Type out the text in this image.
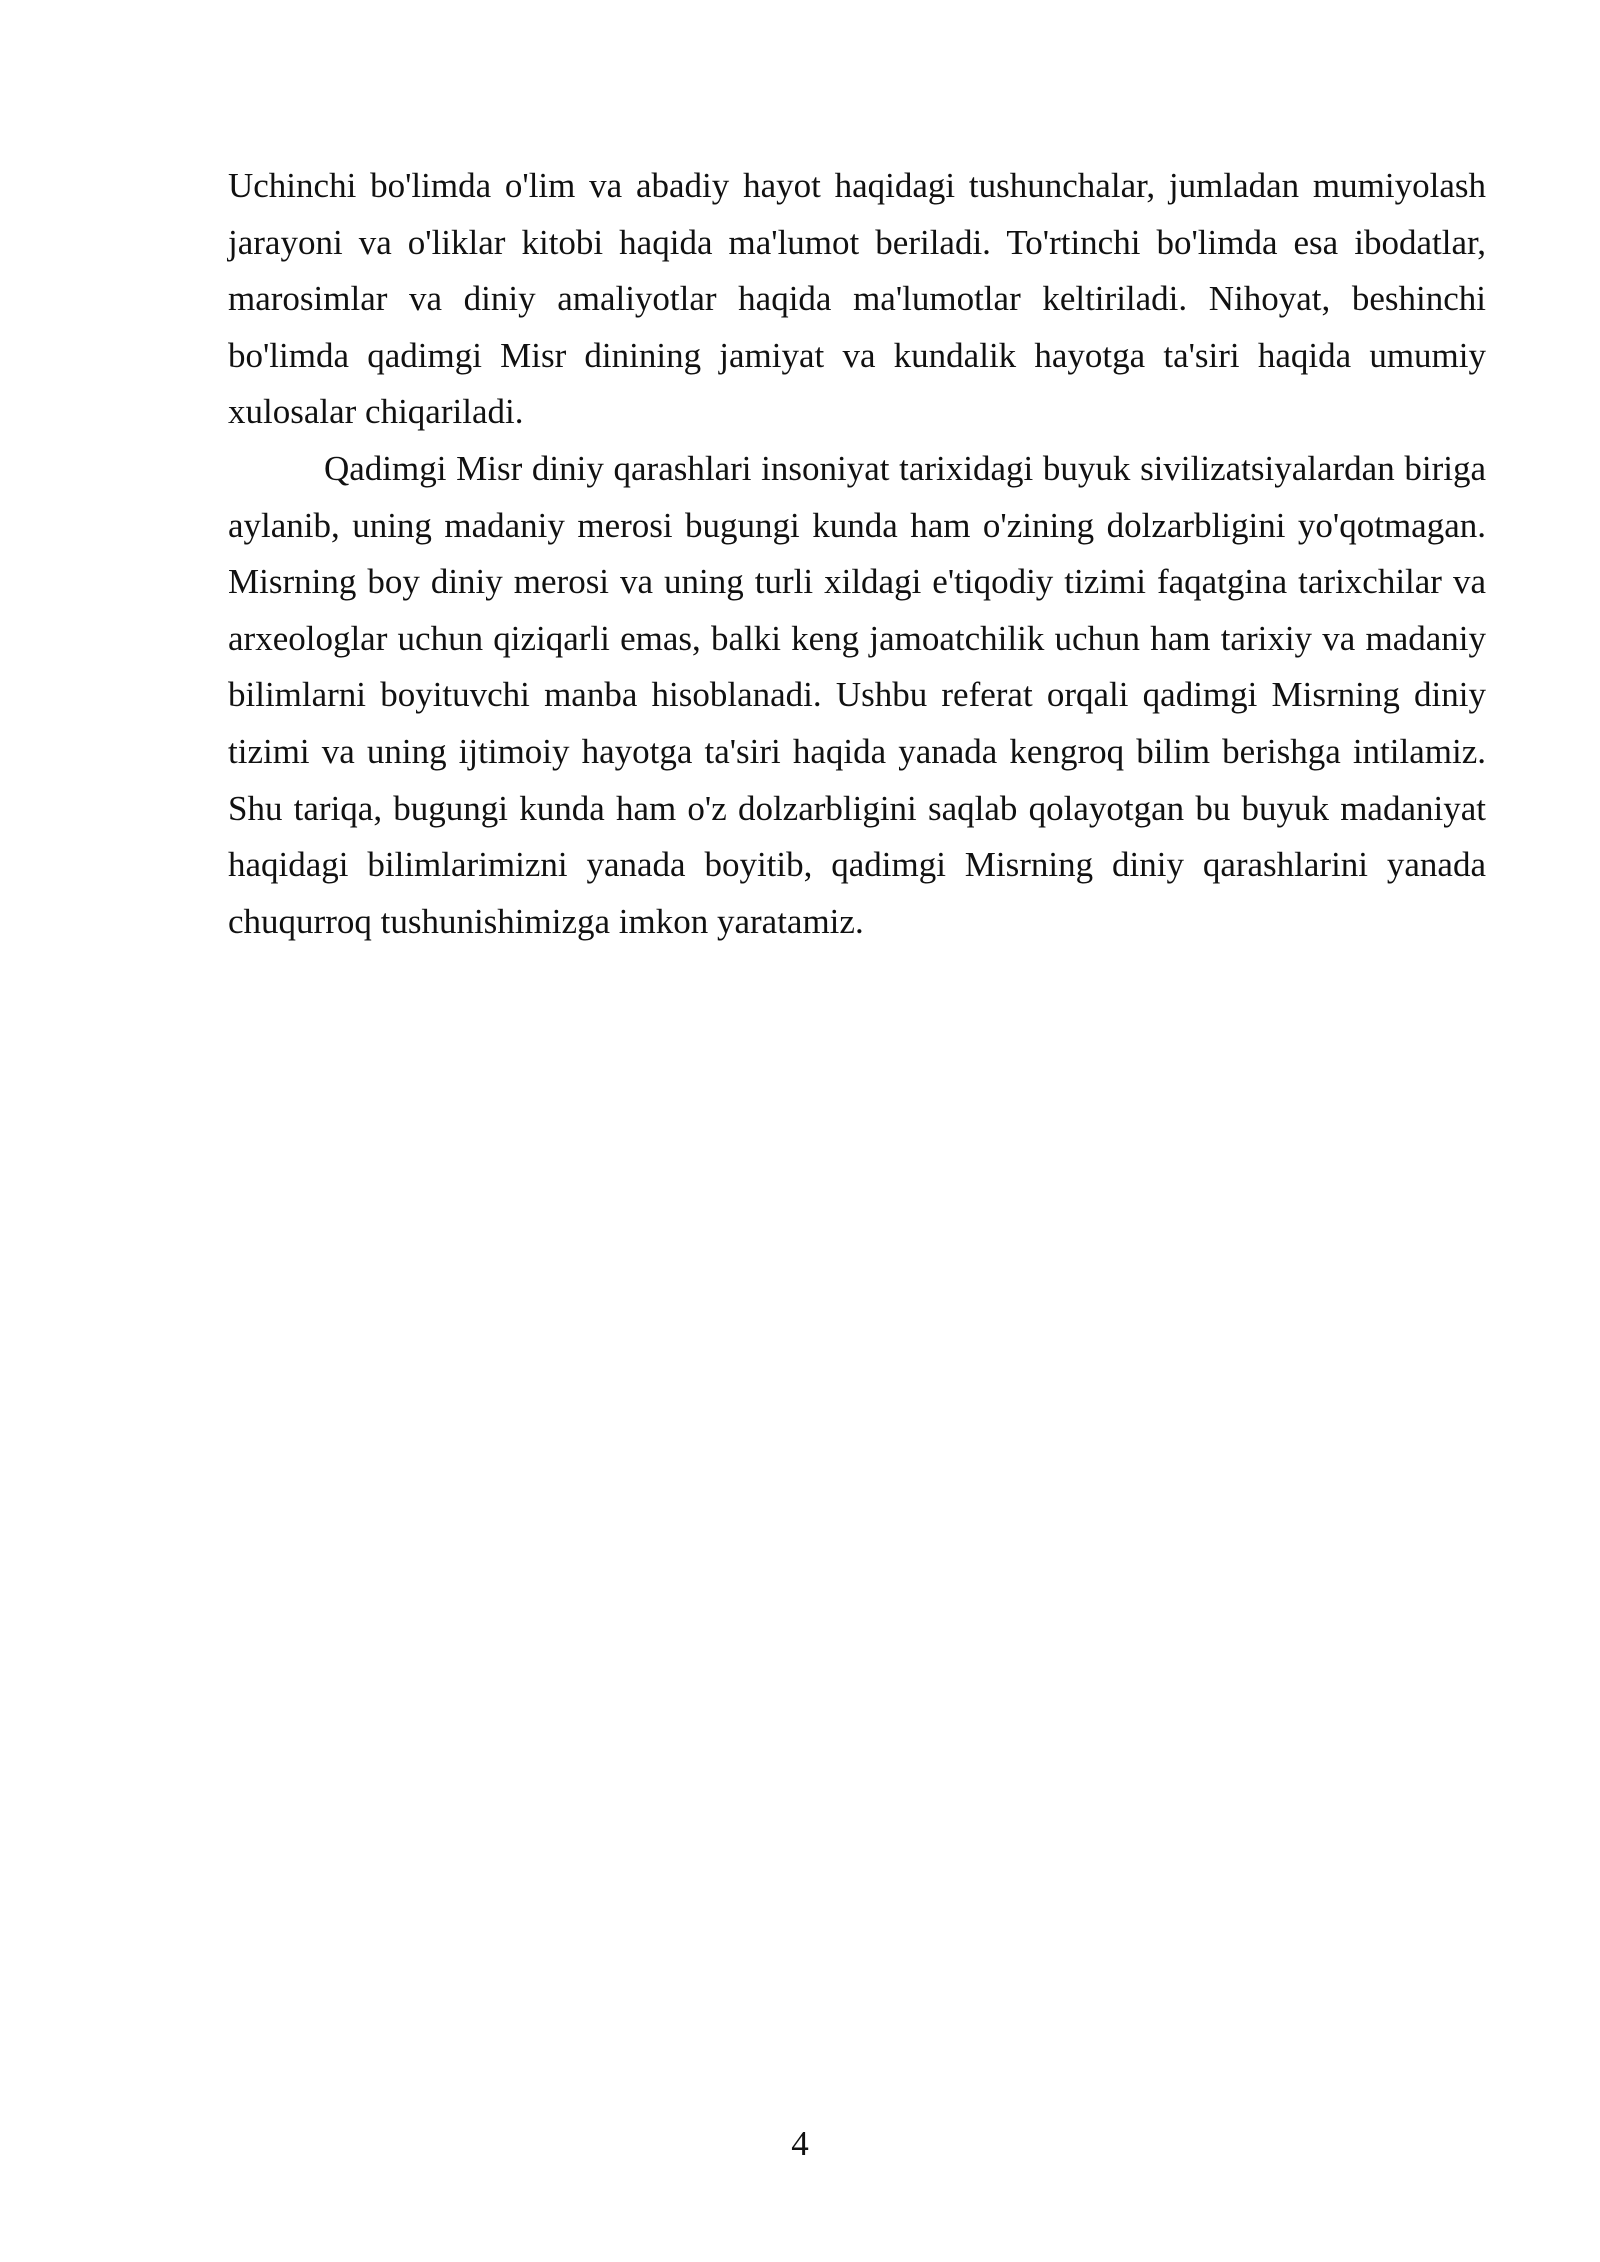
Uchinchi bo'limda o'lim va abadiy hayot haqidagi tushunchalar, jumladan mumiyolash jarayoni va o'liklar kitobi haqida ma'lumot beriladi. To'rtinchi bo'limda esa ibodatlar, marosimlar va diniy amaliyotlar haqida ma'lumotlar keltiriladi. Nihoyat, beshinchi bo'limda qadimgi Misr dinining jamiyat va kundalik hayotga ta'siri haqida umumiy xulosalar chiqariladi.

Qadimgi Misr diniy qarashlari insoniyat tarixidagi buyuk sivilizatsiyalardan biriga aylanib, uning madaniy merosi bugungi kunda ham o'zining dolzarbligini yo'qotmagan. Misrning boy diniy merosi va uning turli xildagi e'tiqodiy tizimi faqatgina tarixchilar va arxeologlar uchun qiziqarli emas, balki keng jamoatchilik uchun ham tarixiy va madaniy bilimlarni boyituvchi manba hisoblanadi. Ushbu referat orqali qadimgi Misrning diniy tizimi va uning ijtimoiy hayotga ta'siri haqida yanada kengroq bilim berishga intilamiz. Shu tariqa, bugungi kunda ham o'z dolzarbligini saqlab qolayotgan bu buyuk madaniyat haqidagi bilimlarimizni yanada boyitib, qadimgi Misrning diniy qarashlarini yanada chuqurroq tushunishimizga imkon yaratamiz.

4
